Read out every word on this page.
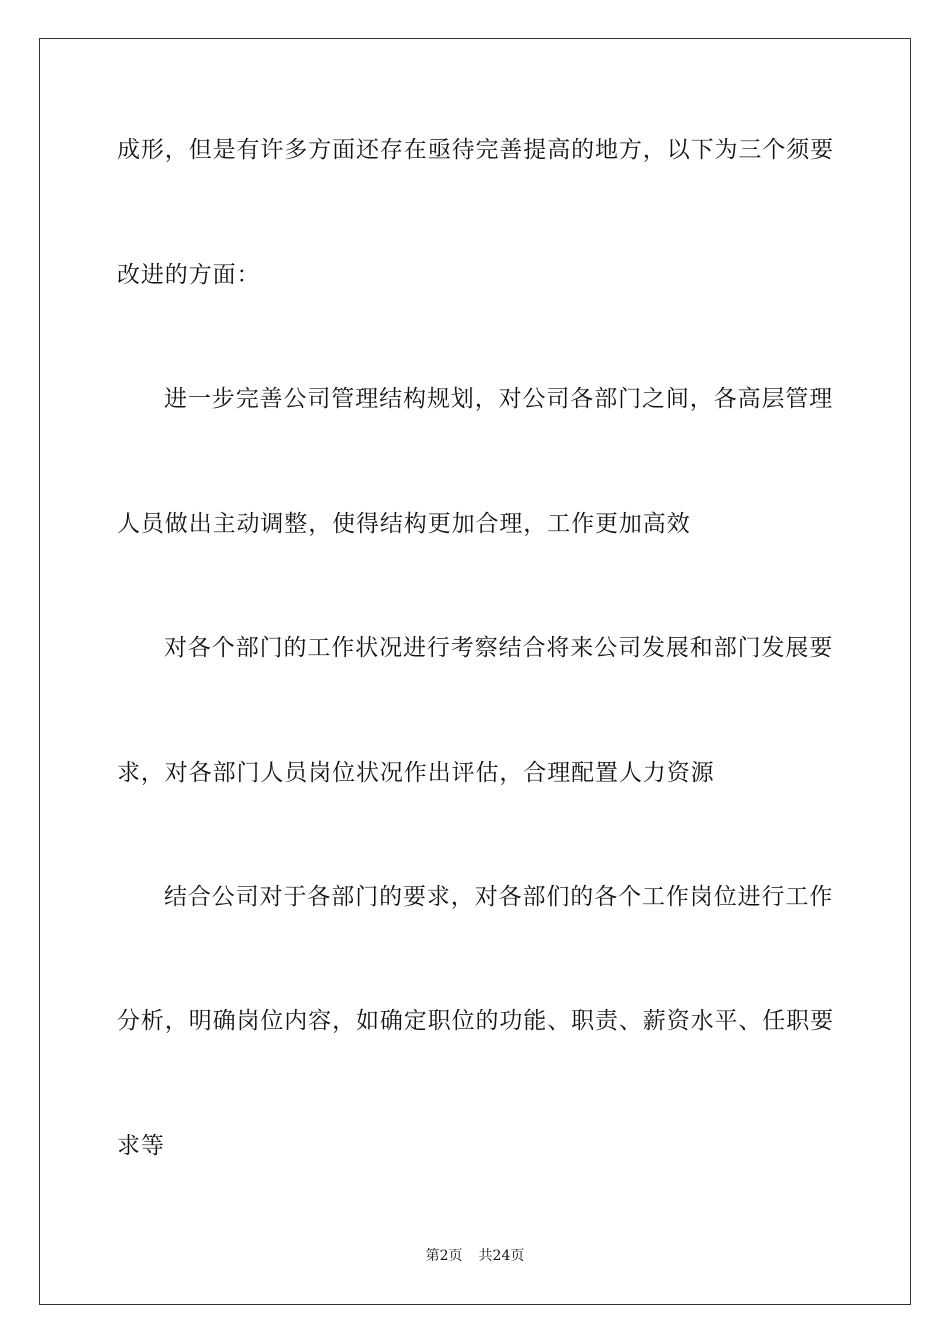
成形，但是有许多方面还存在亟待完善提高的地方，以下为三个须要
改进的方面：
进一步完善公司管理结构规划，对公司各部门之间，各高层管理
人员做出主动调整，使得结构更加合理，工作更加高效
对各个部门的工作状况进行考察结合将来公司发展和部门发展要
求，对各部门人员岗位状况作出评估，合理配置人力资源
结合公司对于各部门的要求，对各部们的各个工作岗位进行工作
分析，明确岗位内容，如确定职位的功能、职责、薪资水平、任职要
求等
第2页 共24页
